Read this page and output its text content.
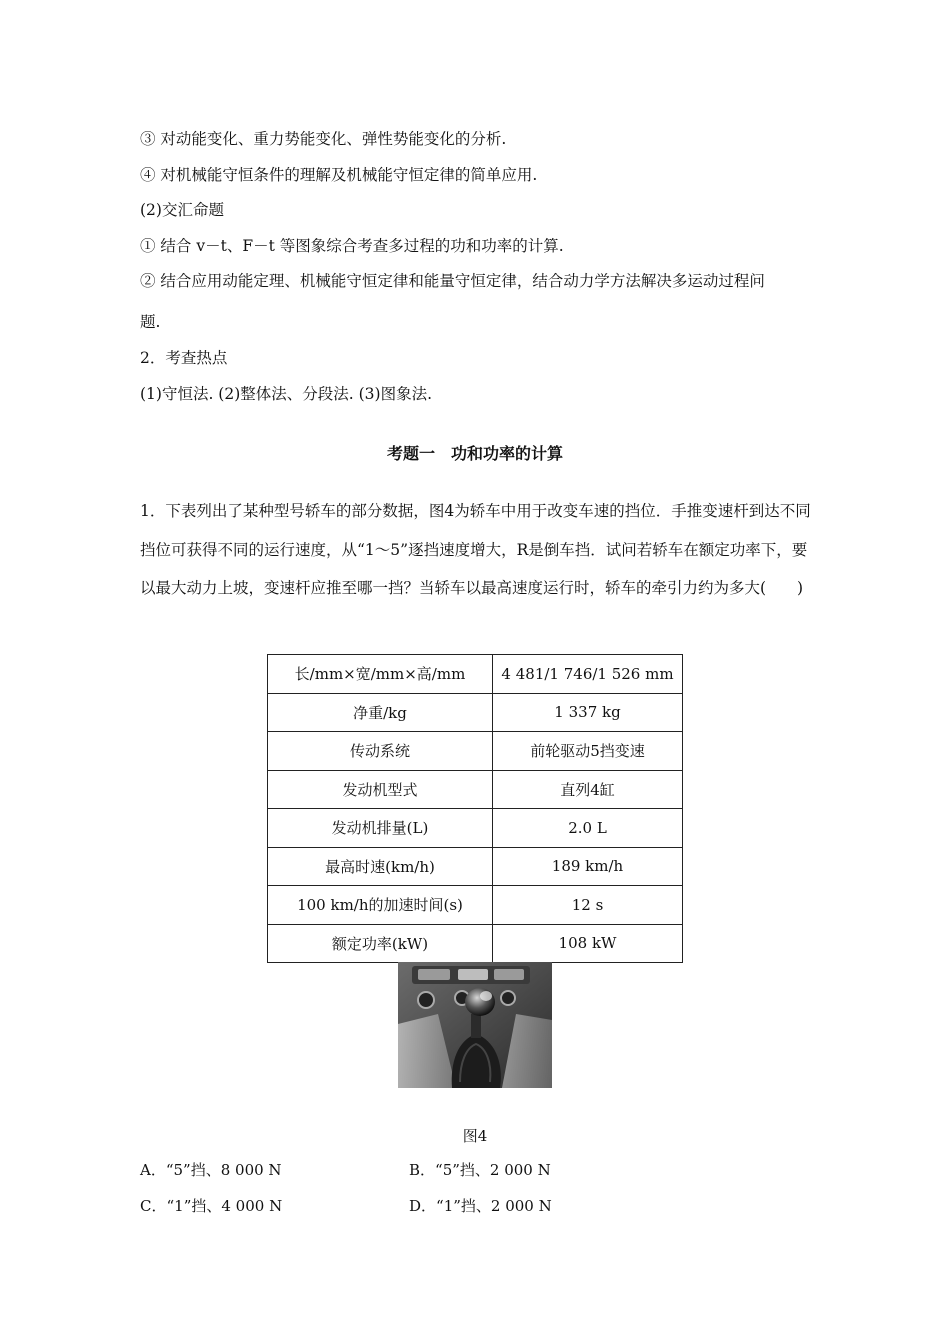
③ 对动能变化、重力势能变化、弹性势能变化的分析.
④ 对机械能守恒条件的理解及机械能守恒定律的简单应用.
(2)交汇命题
① 结合 v－t、F－t 等图象综合考查多过程的功和功率的计算.
② 结合应用动能定理、机械能守恒定律和能量守恒定律，结合动力学方法解决多运动过程问
题.
2．考查热点
(1)守恒法. (2)整体法、分段法. (3)图象法.
考题一　功和功率的计算
1．下表列出了某种型号轿车的部分数据，图4为轿车中用于改变车速的挡位．手推变速杆到达不同挡位可获得不同的运行速度，从“1～5”逐挡速度增大，R是倒车挡．试问若轿车在额定功率下，要以最大动力上坡，变速杆应推至哪一挡？当轿车以最高速度运行时，轿车的牵引力约为多大(　　)
长/mm×宽/mm×高/mm	4 481/1 746/1 526 mm
净重/kg	1 337 kg
传动系统	前轮驱动5挡变速
发动机型式	直列4缸
发动机排量(L)	2.0 L
最高时速(km/h)	189 km/h
100 km/h的加速时间(s)	12 s
额定功率(kW)	108 kW
图4
A．“5”挡、8 000 N	B．“5”挡、2 000 N
C．“1”挡、4 000 N	D．“1”挡、2 000 N
